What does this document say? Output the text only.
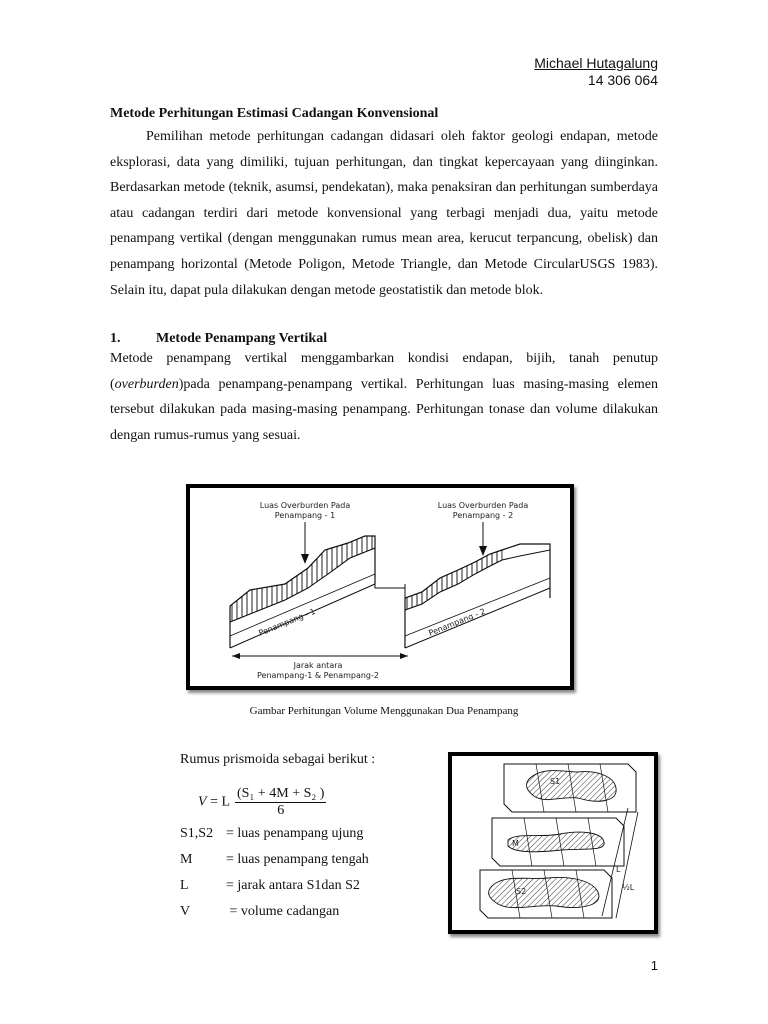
Michael Hutagalung
14 306 064
Metode Perhitungan Estimasi Cadangan Konvensional
Pemilihan metode perhitungan cadangan didasari oleh faktor geologi endapan, metode eksplorasi, data yang dimiliki, tujuan perhitungan, dan tingkat kepercayaan yang diinginkan. Berdasarkan metode (teknik, asumsi, pendekatan), maka penaksiran dan perhitungan sumberdaya atau cadangan terdiri dari metode konvensional yang terbagi menjadi dua, yaitu metode penampang vertikal (dengan menggunakan rumus mean area, kerucut terpancung, obelisk) dan penampang horizontal (Metode Poligon, Metode Triangle, dan Metode CircularUSGS 1983). Selain itu, dapat pula dilakukan dengan metode geostatistik dan metode blok.
1.	Metode Penampang Vertikal
Metode penampang vertikal menggambarkan kondisi endapan, bijih, tanah penutup (overburden)pada penampang-penampang vertikal. Perhitungan luas masing-masing elemen tersebut dilakukan pada masing-masing penampang. Perhitungan tonase dan volume dilakukan dengan rumus-rumus yang sesuai.
Luas Overburden Pada
Penampang - 1
Luas Overburden Pada
Penampang - 2
Penampang - 1	Penampang - 2
Jarak antara
Penampang-1 & Penampang-2
Gambar Perhitungan Volume Menggunakan Dua Penampang
Rumus prismoida sebagai berikut :
V = L $\frac{\text{(S₁ + 4M + S₂ )}}{6}$
S1,S2 = luas penampang ujung
M = luas penampang tengah
L	= jarak antara S1dan S2
V	= volume cadangan
S1
M
S2
L
½L
1
